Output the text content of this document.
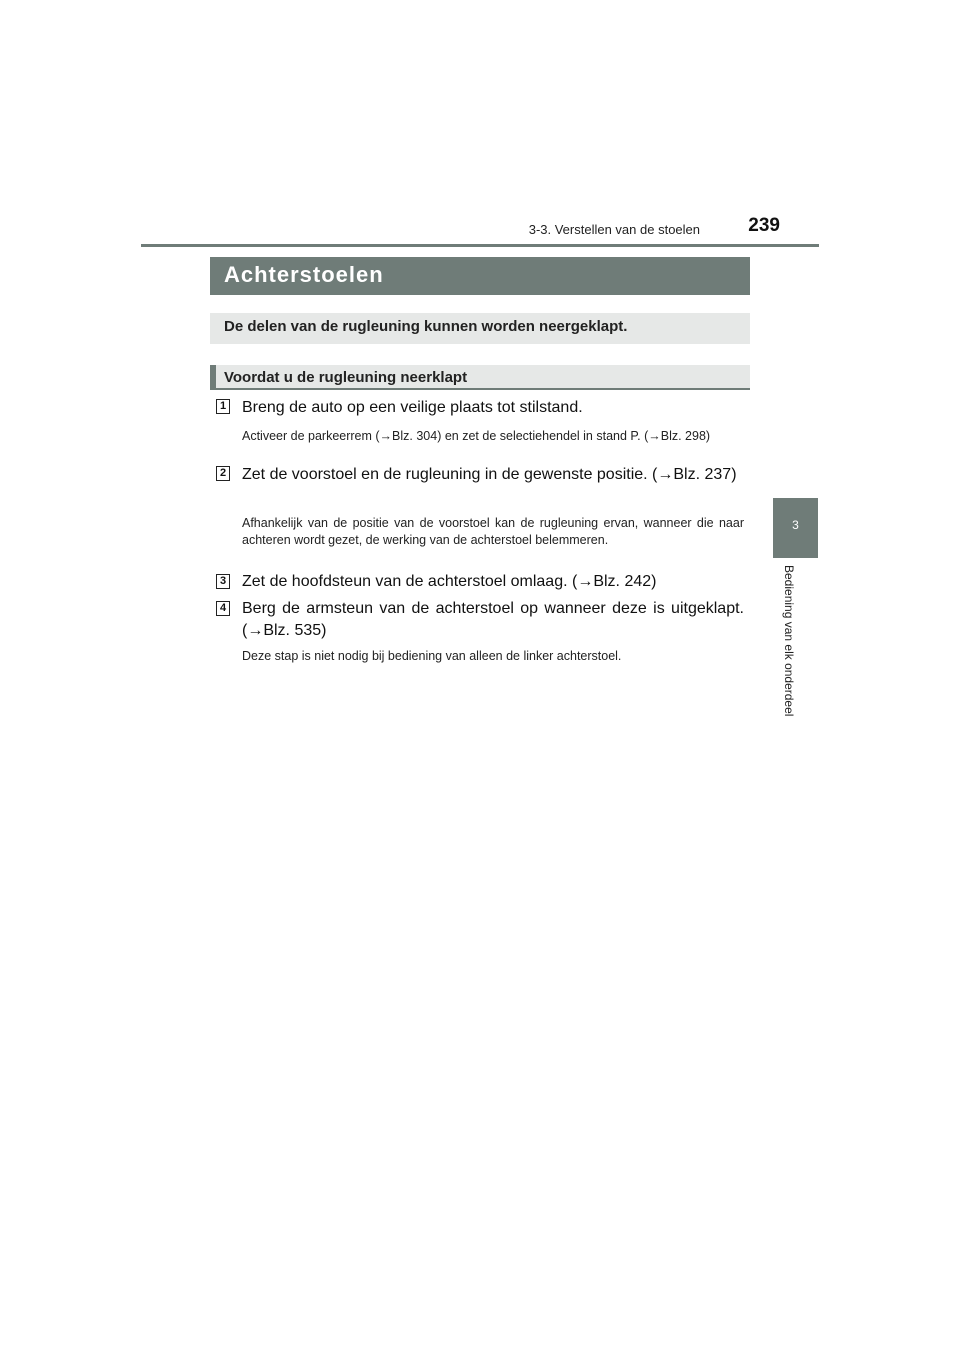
3-3. Verstellen van de stoelen	239
3
Bediening van elk onderdeel
Achterstoelen
De delen van de rugleuning kunnen worden neergeklapt.
Voordat u de rugleuning neerklapt
1 Breng de auto op een veilige plaats tot stilstand.
Activeer de parkeerrem (→Blz. 304) en zet de selectiehendel in stand P. (→Blz. 298)
2 Zet de voorstoel en de rugleuning in de gewenste positie. (→Blz. 237)
Afhankelijk van de positie van de voorstoel kan de rugleuning ervan, wanneer die naar achteren wordt gezet, de werking van de achterstoel belemmeren.
3 Zet de hoofdsteun van de achterstoel omlaag. (→Blz. 242)
4 Berg de armsteun van de achterstoel op wanneer deze is uitgeklapt. (→Blz. 535)
Deze stap is niet nodig bij bediening van alleen de linker achterstoel.
